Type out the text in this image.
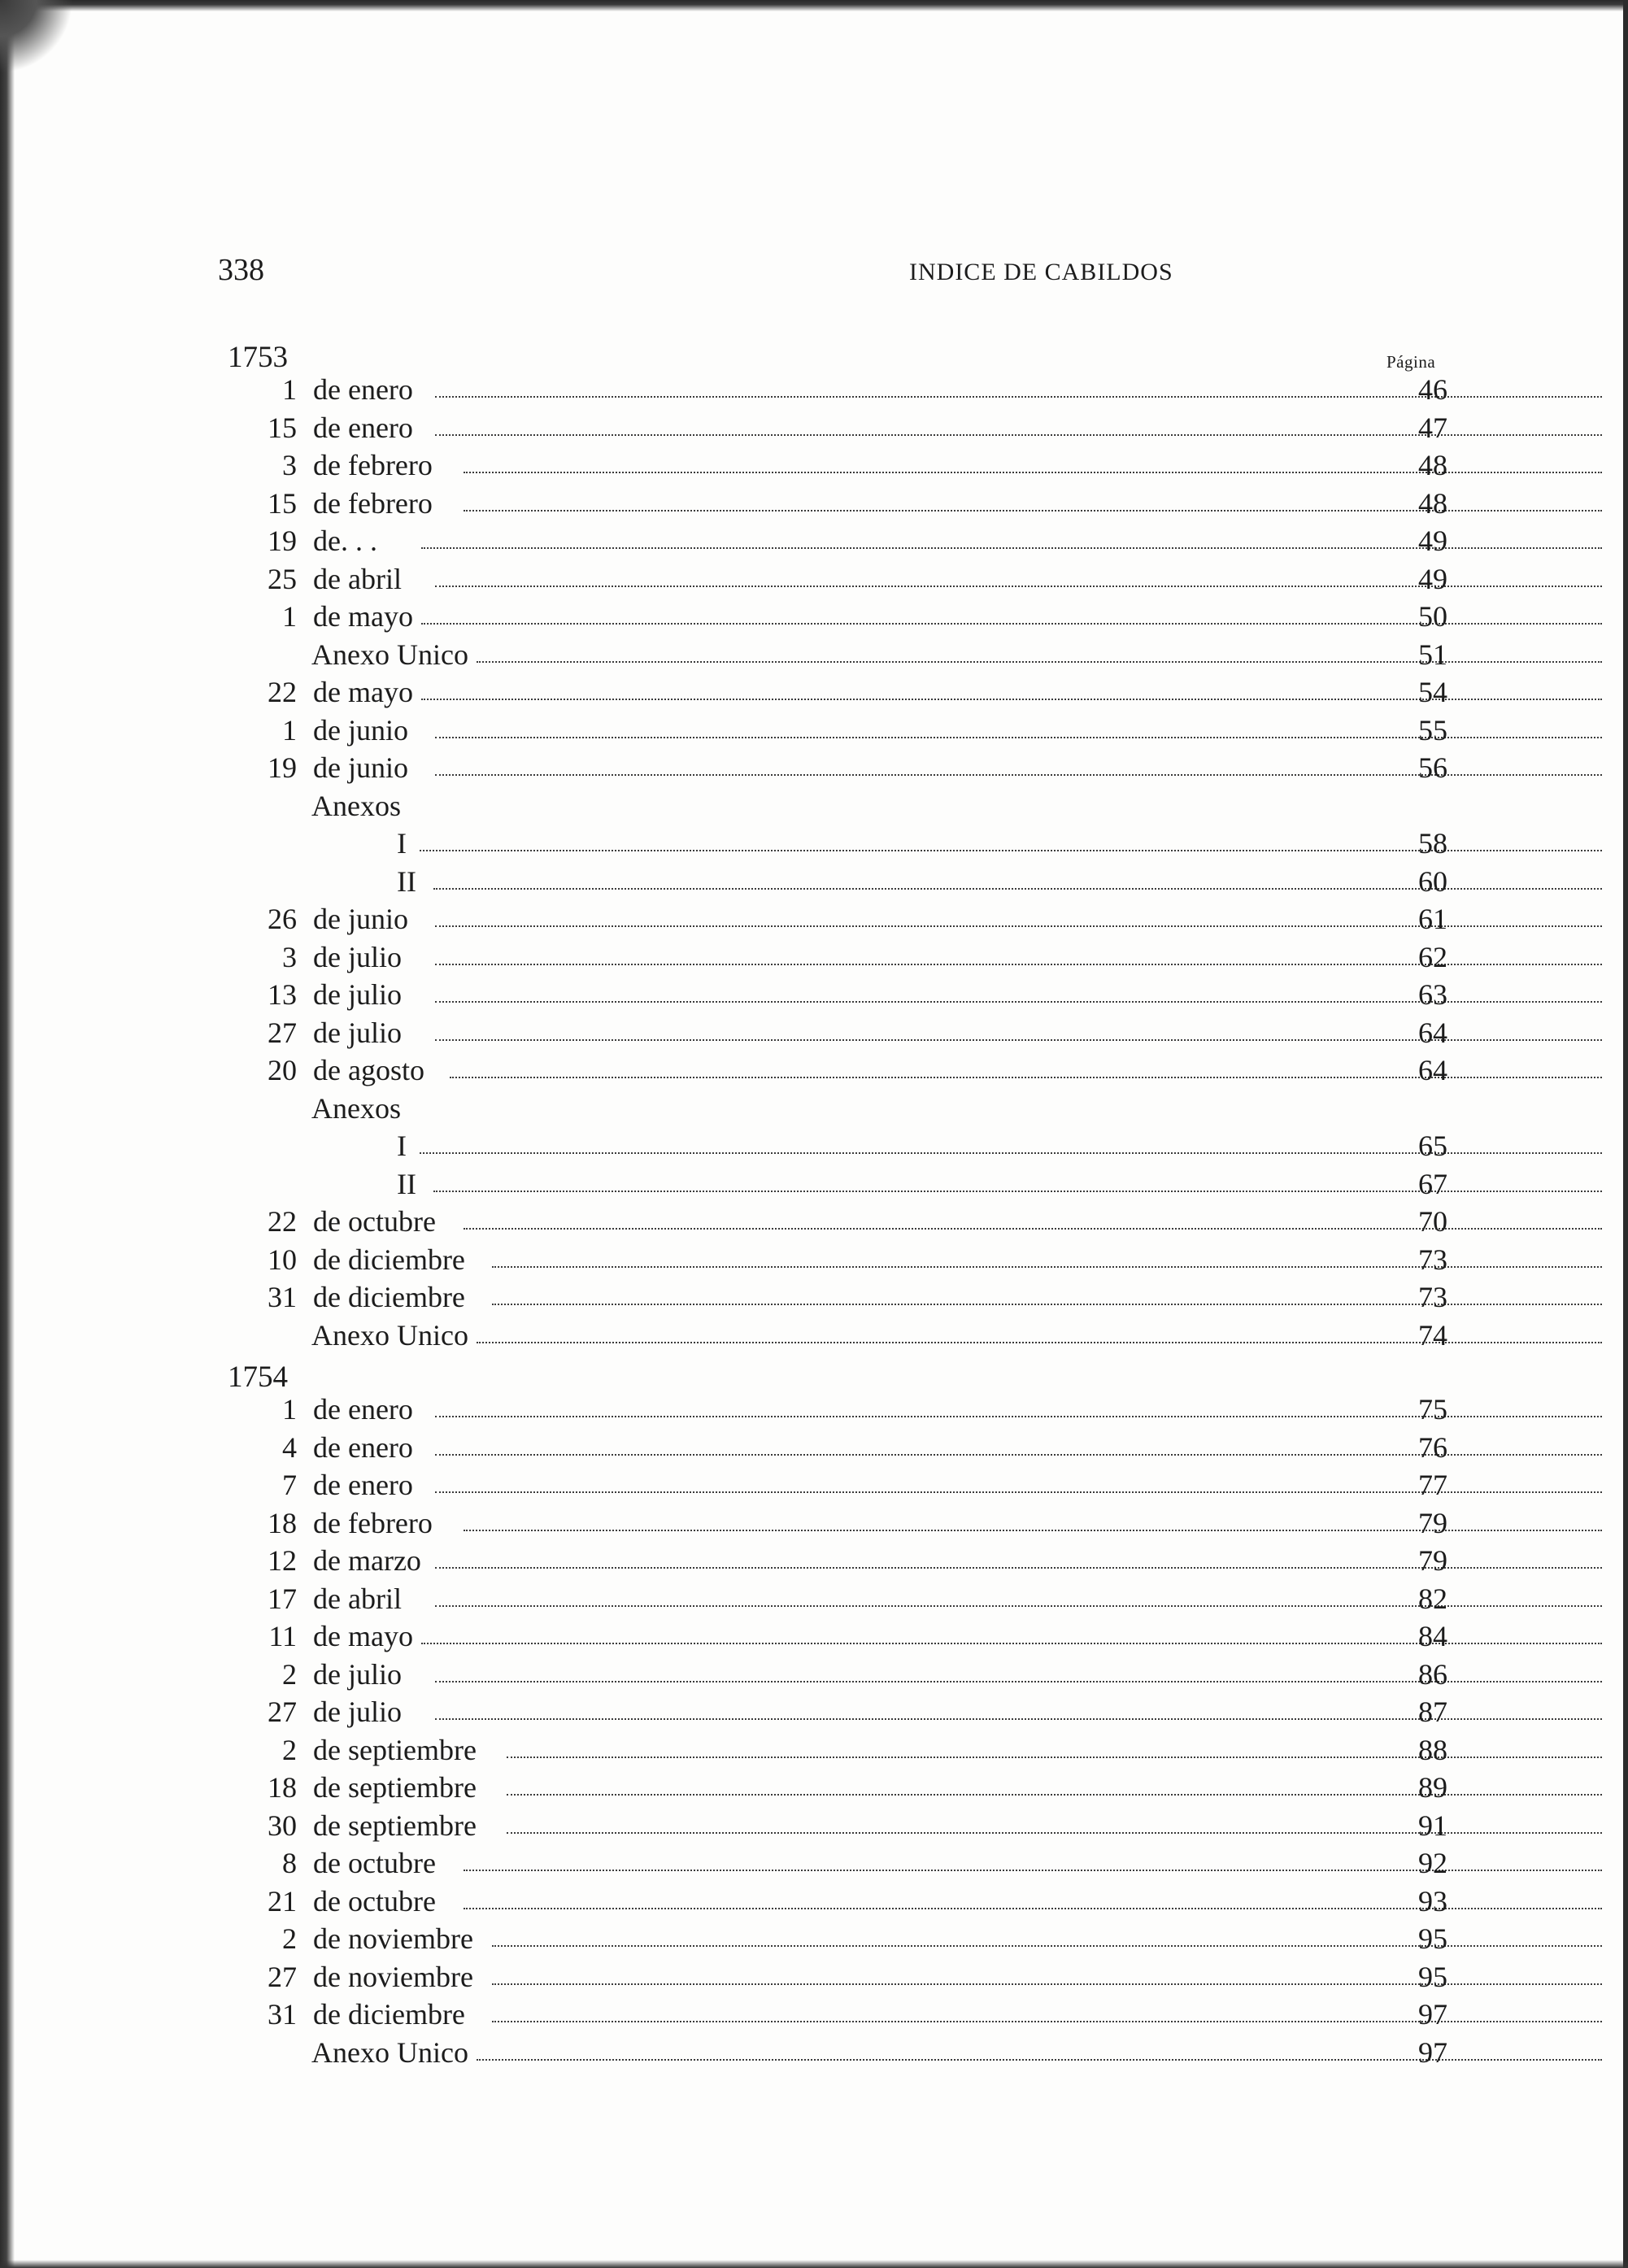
338	INDICE DE CABILDOS
Página
1753
1 de enero	46
15 de enero	47
3 de febrero	48
15 de febrero	48
19 de. . .	49
25 de abril	49
1 de mayo	50
Anexo Unico	51
22 de mayo	54
1 de junio	55
19 de junio	56
Anexos
I	58
II	60
26 de junio	61
3 de julio	62
13 de julio	63
27 de julio	64
20 de agosto	64
Anexos
I	65
II	67
22 de octubre	70
10 de diciembre	73
31 de diciembre	73
Anexo Unico	74
1754
1 de enero	75
4 de enero	76
7 de enero	77
18 de febrero	79
12 de marzo	79
17 de abril	82
11 de mayo	84
2 de julio	86
27 de julio	87
2 de septiembre	88
18 de septiembre	89
30 de septiembre	91
8 de octubre	92
21 de octubre	93
2 de noviembre	95
27 de noviembre	95
31 de diciembre	97
Anexo Unico	97
